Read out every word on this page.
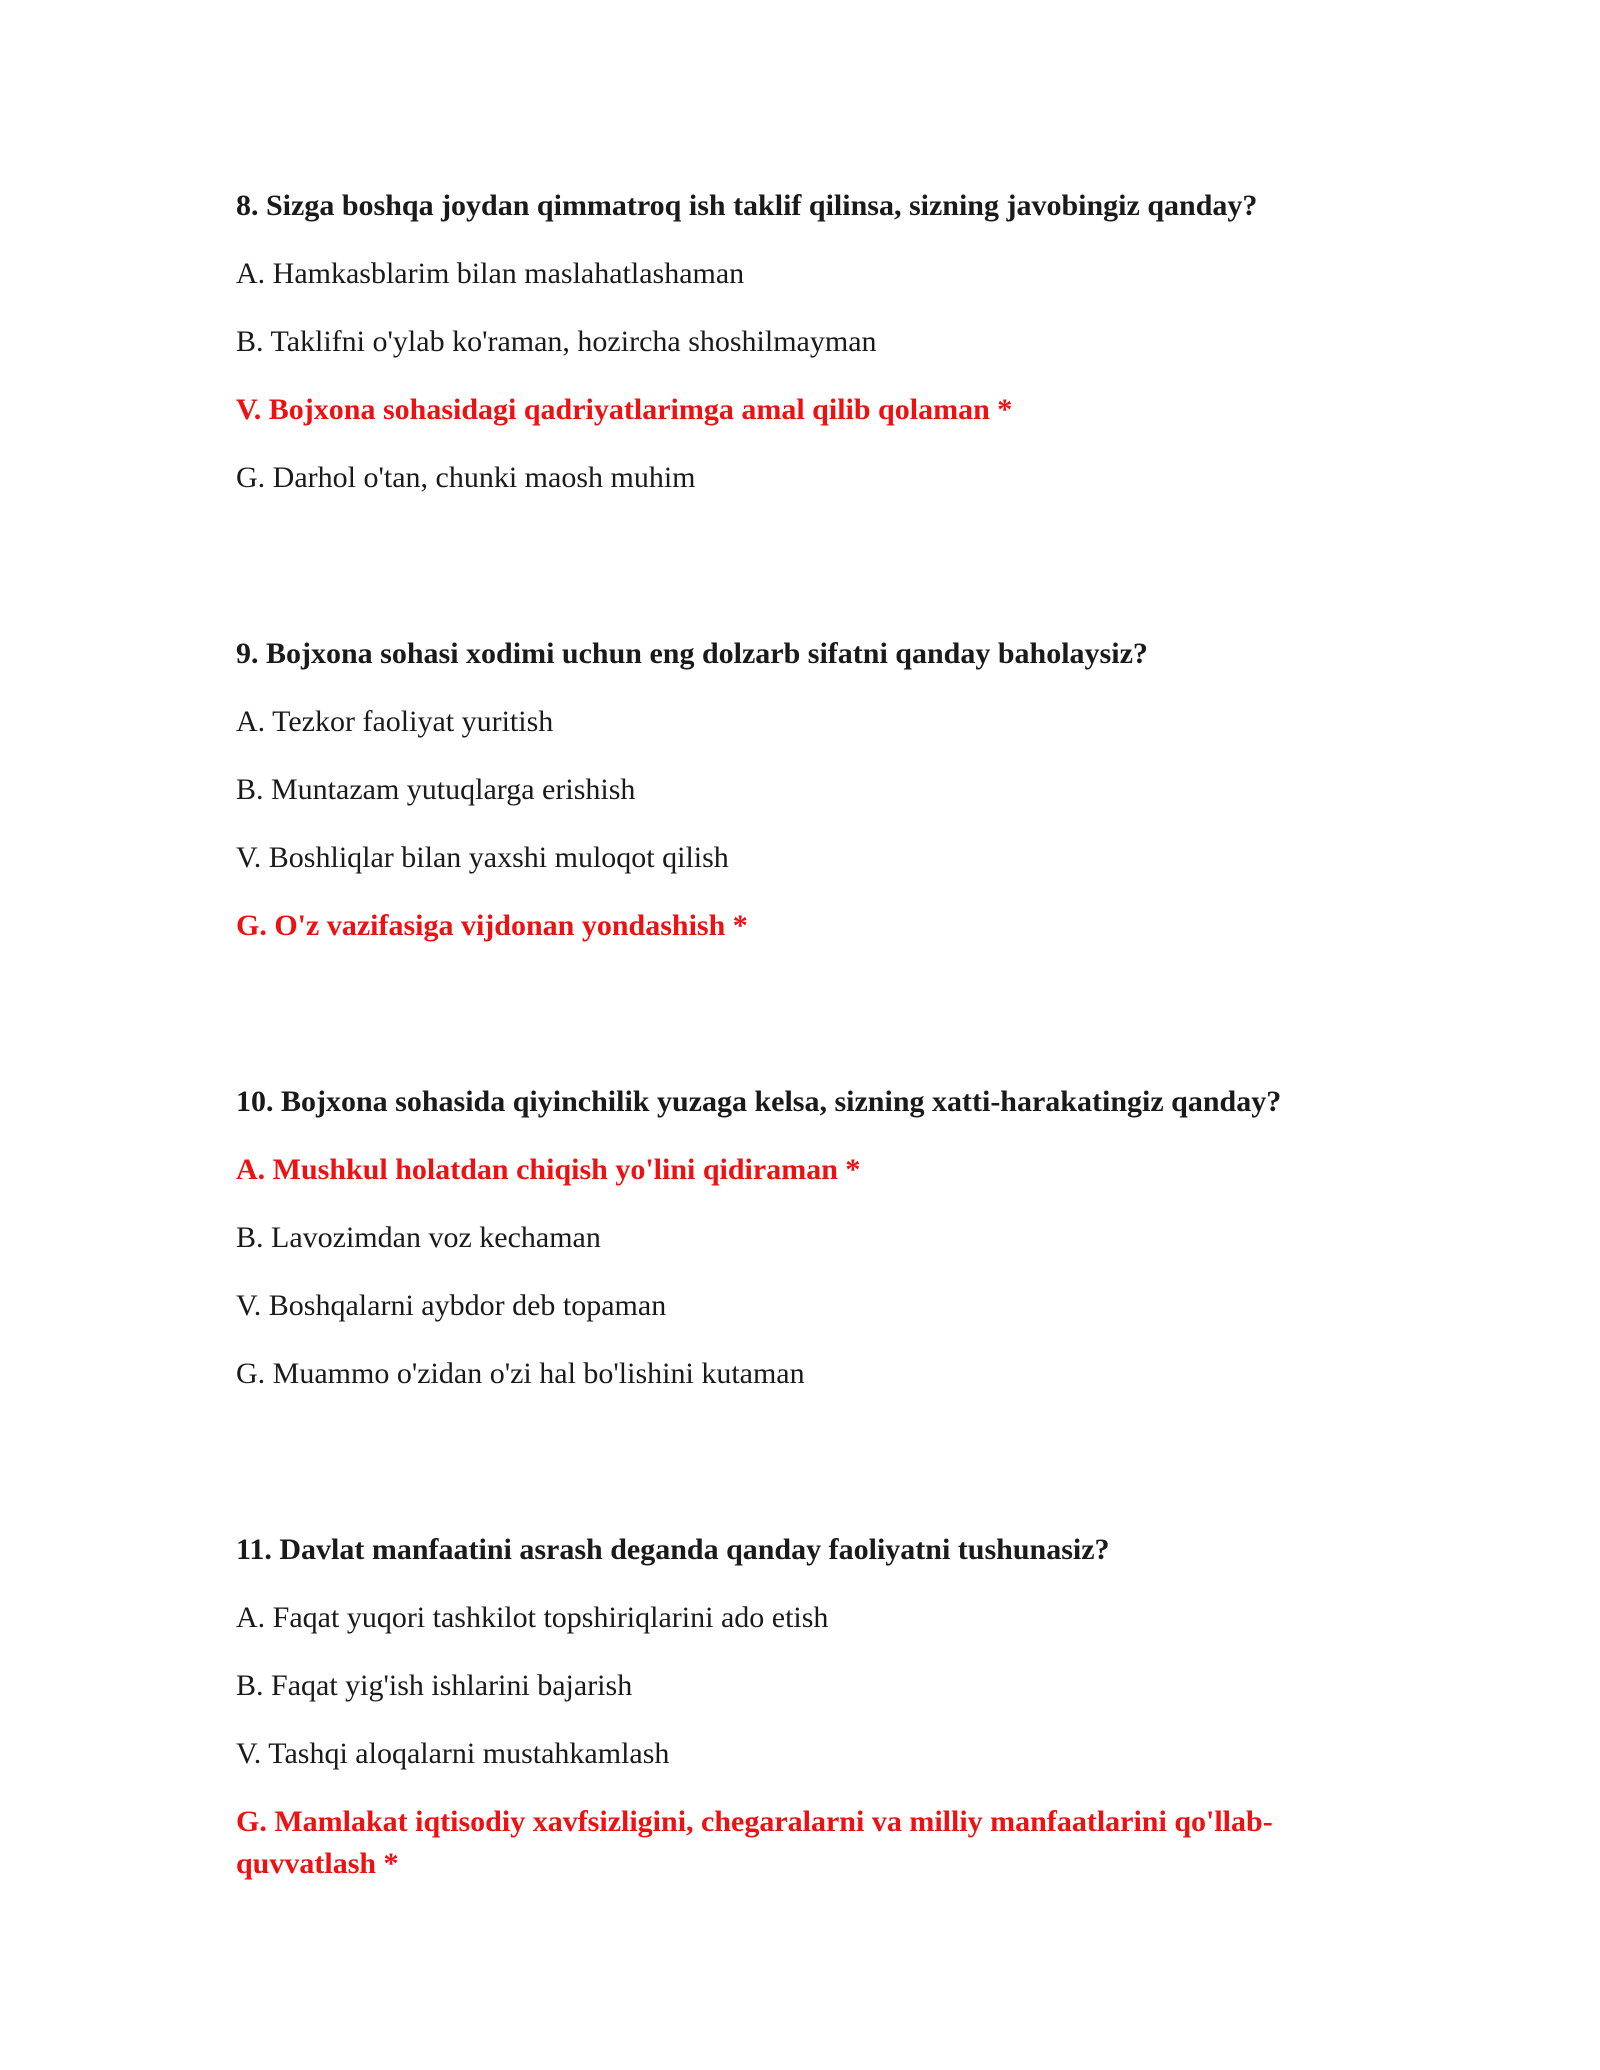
8. Sizga boshqa joydan qimmatroq ish taklif qilinsa, sizning javobingiz qanday?
A. Hamkasblarim bilan maslahatlashaman
B. Taklifni o'ylab ko'raman, hozircha shoshilmayman
V. Bojxona sohasidagi qadriyatlarimga amal qilib qolaman *
G. Darhol o'tan, chunki maosh muhim
9. Bojxona sohasi xodimi uchun eng dolzarb sifatni qanday baholaysiz?
A. Tezkor faoliyat yuritish
B. Muntazam yutuqlarga erishish
V. Boshliqlar bilan yaxshi muloqot qilish
G. O'z vazifasiga vijdonan yondashish *
10. Bojxona sohasida qiyinchilik yuzaga kelsa, sizning xatti-harakatingiz qanday?
A. Mushkul holatdan chiqish yo'lini qidiraman *
B. Lavozimdan voz kechaman
V. Boshqalarni aybdor deb topaman
G. Muammo o'zidan o'zi hal bo'lishini kutaman
11. Davlat manfaatini asrash deganda qanday faoliyatni tushunasiz?
A. Faqat yuqori tashkilot topshiriqlarini ado etish
B. Faqat yig'ish ishlarini bajarish
V. Tashqi aloqalarni mustahkamlash
G. Mamlakat iqtisodiy xavfsizligini, chegaralarni va milliy manfaatlarini qo'llab-quvvatlash *
